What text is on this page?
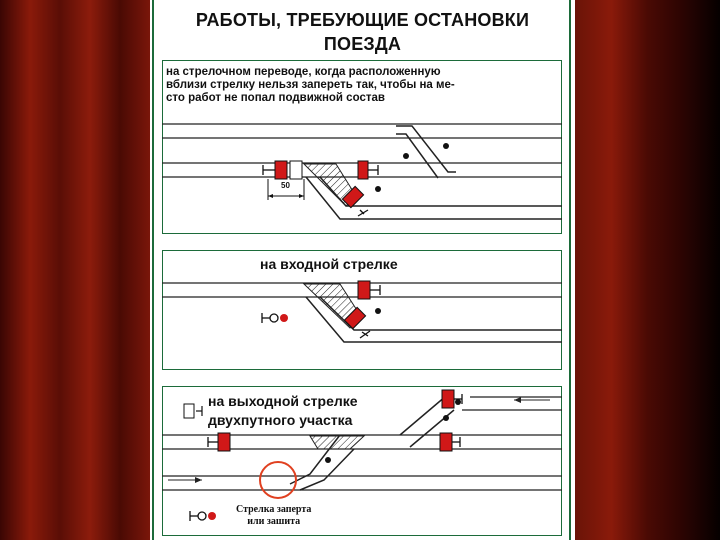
РАБОТЫ, ТРЕБУЮЩИЕ ОСТАНОВКИ
ПОЕЗДА
на стрелочном переводе, когда расположенную
вблизи стрелку нельзя запереть так, чтобы на ме-
сто работ не попал подвижной состав
50
на входной стрелке
на выходной стрелке
двухпутного участка
Стрелка заперта
или зашита
